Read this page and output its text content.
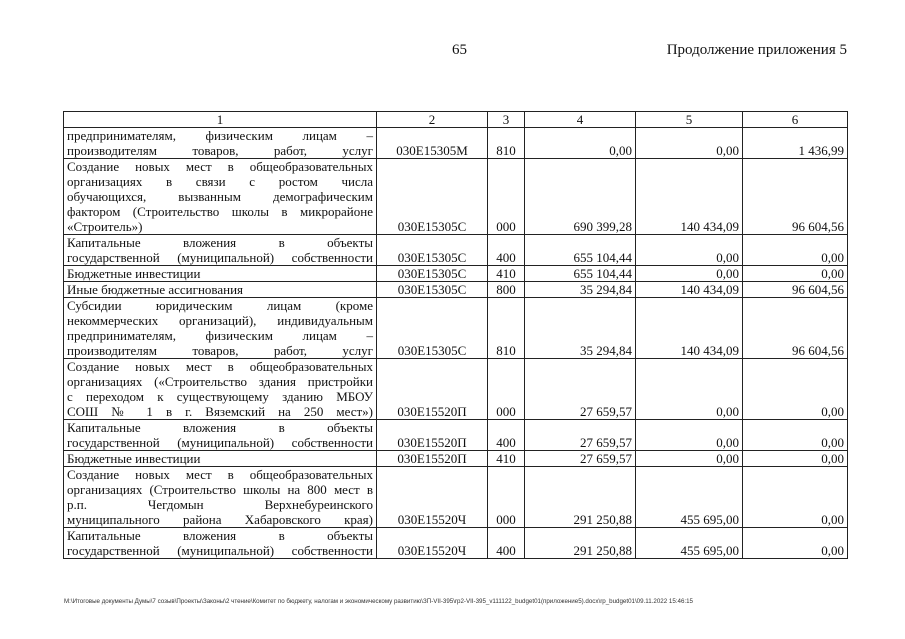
65	Продолжение приложения 5
1	2	3	4	5	6

предпринимателям, физическим лицам –
производителям товаров, работ, услуг	030E15305М	810	0,00	0,00	1 436,99

Создание новых мест в общеобразовательных
организациях в связи с ростом числа
обучающихся, вызванным демографическим
фактором (Строительство школы в микрорайоне
«Строитель»)	030E15305С	000	690 399,28	140 434,09	96 604,56

Капитальные вложения в объекты
государственной (муниципальной) собственности	030E15305С	400	655 104,44	0,00	0,00

Бюджетные инвестиции	030E15305С	410	655 104,44	0,00	0,00

Иные бюджетные ассигнования	030E15305С	800	35 294,84	140 434,09	96 604,56

Субсидии юридическим лицам (кроме
некоммерческих организаций), индивидуальным
предпринимателям, физическим лицам –
производителям товаров, работ, услуг	030E15305С	810	35 294,84	140 434,09	96 604,56

Создание новых мест в общеобразовательных
организациях («Строительство здания пристройки
с переходом к существующему зданию МБОУ
СОШ № 1 в г. Вяземский на 250 мест»)	030E15520П	000	27 659,57	0,00	0,00

Капитальные вложения в объекты
государственной (муниципальной) собственности	030E15520П	400	27 659,57	0,00	0,00

Бюджетные инвестиции	030E15520П	410	27 659,57	0,00	0,00

Создание новых мест в общеобразовательных
организациях (Строительство школы на 800 мест в
р.п. Чегдомын Верхнебуреинского
муниципального района Хабаровского края)	030E15520Ч	000	291 250,88	455 695,00	0,00

Капитальные вложения в объекты
государственной (муниципальной) собственности	030E15520Ч	400	291 250,88	455 695,00	0,00
М:\Итоговые документы Думы\7 созыв\Проекты\Законы\2 чтение\Комитет по бюджету, налогам и экономическому развитию\ЗП-VII-395\rp2-VII-395_v111122_budget01(приложение5).docx\rp_budget01\09.11.2022 15:46:15
